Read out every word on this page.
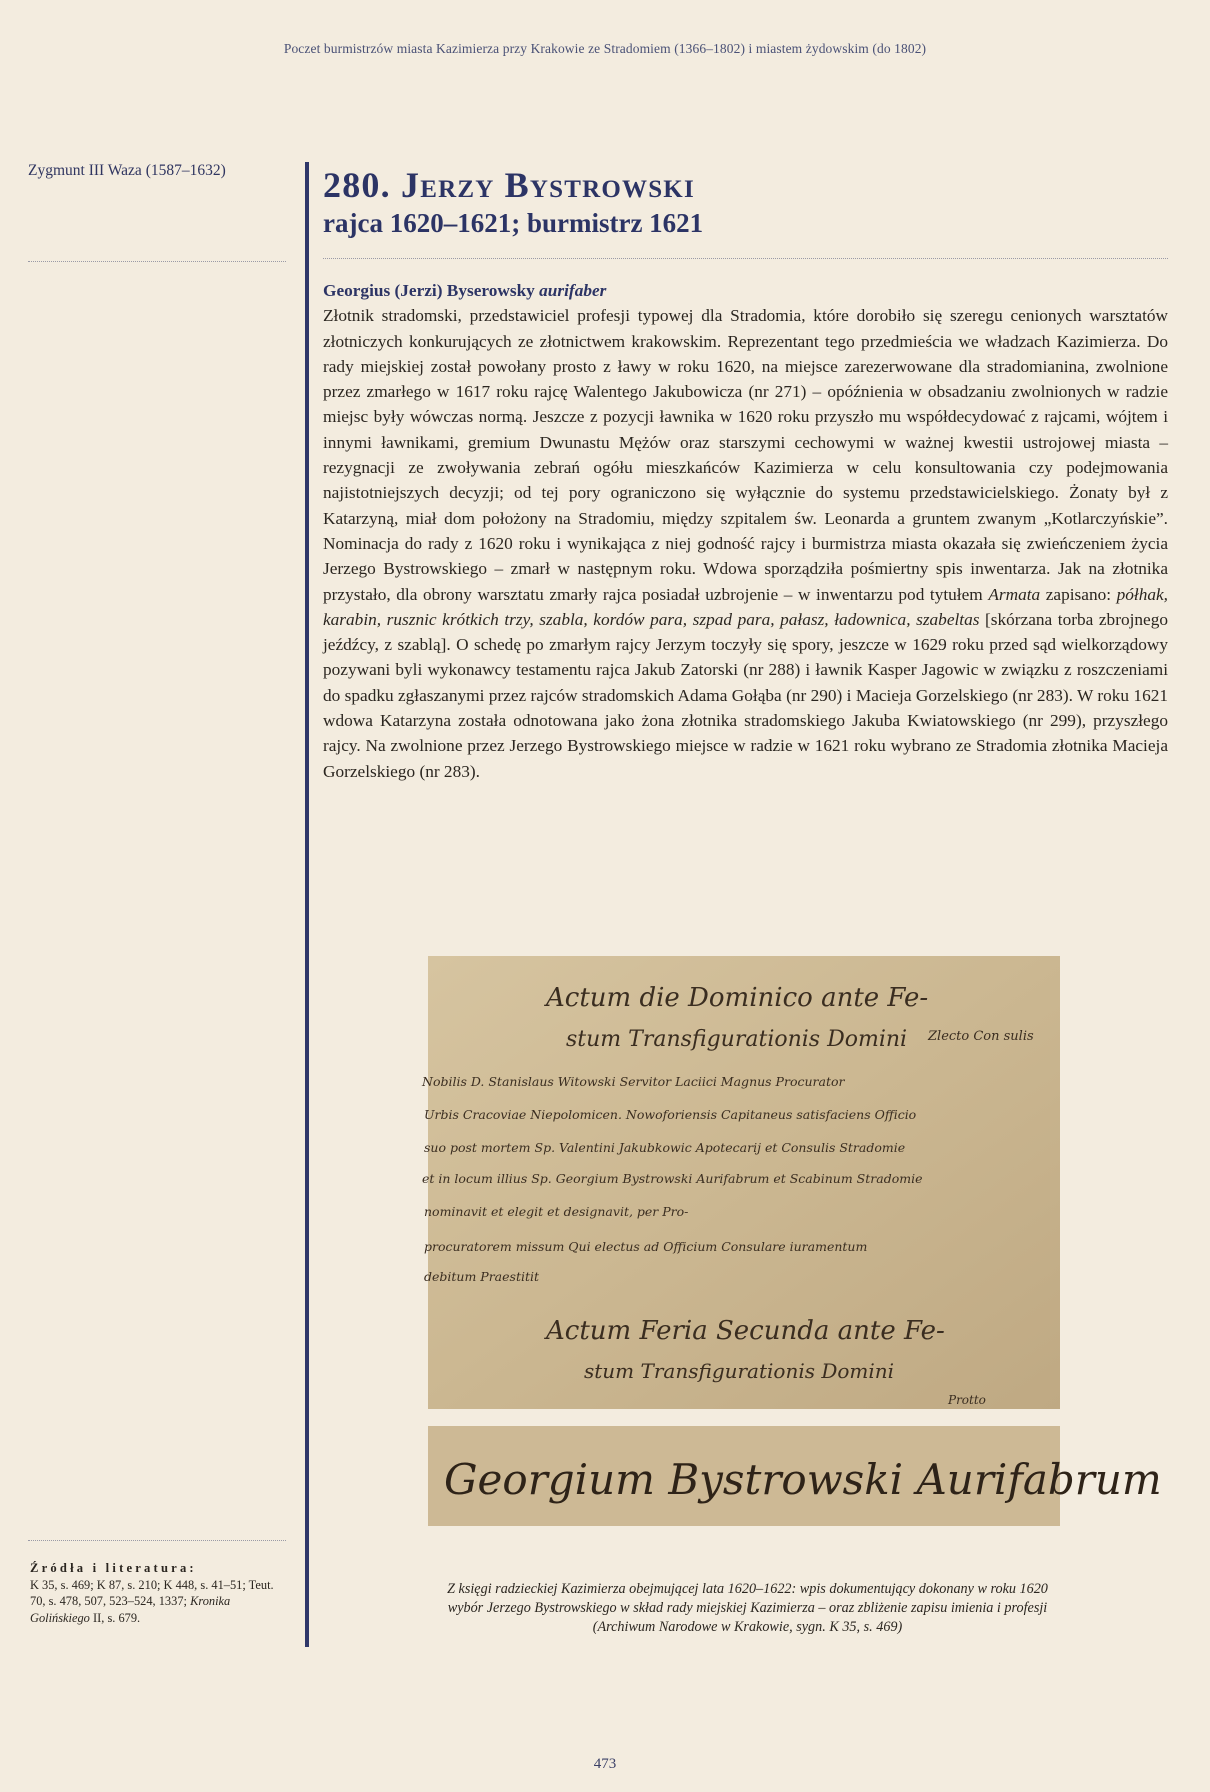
Poczet burmistrzów miasta Kazimierza przy Krakowie ze Stradomiem (1366–1802) i miastem żydowskim (do 1802)
Zygmunt III Waza (1587–1632)	280. Jerzy Bystrowski
rajca 1620–1621; burmistrz 1621
Georgius (Jerzi) Byserowsky aurifaber

Złotnik stradomski, przedstawiciel profesji typowej dla Stradomia, które dorobiło się szeregu cenionych warsztatów złotniczych konkurujących ze złotnictwem krakowskim. Reprezentant tego przedmieścia we władzach Kazimierza. Do rady miejskiej został powołany prosto z ławy w roku 1620, na miejsce zarezerwowane dla stradomianina, zwolnione przez zmarłego w 1617 roku rajcę Walentego Jakubowicza (nr 271) – opóźnienia w obsadzaniu zwolnionych w radzie miejsc były wówczas normą. Jeszcze z pozycji ławnika w 1620 roku przyszło mu współdecydować z rajcami, wójtem i innymi ławnikami, gremium Dwunastu Mężów oraz starszymi cechowymi w ważnej kwestii ustrojowej miasta – rezygnacji ze zwoływania zebrań ogółu mieszkańców Kazimierza w celu konsultowania czy podejmowania najistotniejszych decyzji; od tej pory ograniczono się wyłącznie do systemu przedstawicielskiego. Żonaty był z Katarzyną, miał dom położony na Stradomiu, między szpitalem św. Leonarda a gruntem zwanym „Kotlarczyńskie”. Nominacja do rady z 1620 roku i wynikająca z niej godność rajcy i burmistrza miasta okazała się zwieńczeniem życia Jerzego Bystrowskiego – zmarł w następnym roku. Wdowa sporządziła pośmiertny spis inwentarza. Jak na złotnika przystało, dla obrony warsztatu zmarły rajca posiadał uzbrojenie – w inwentarzu pod tytułem Armata zapisano: półhak, karabin, rusznic krótkich trzy, szabla, kordów para, szpad para, pałasz, ładownica, szabeltas [skórzana torba zbrojnego jeźdźcy, z szablą]. O schedę po zmarłym rajcy Jerzym toczyły się spory, jeszcze w 1629 roku przed sąd wielkorządowy pozywani byli wykonawcy testamentu rajca Jakub Zatorski (nr 288) i ławnik Kasper Jagowic w związku z roszczeniami do spadku zgłaszanymi przez rajców stradomskich Adama Gołąba (nr 290) i Macieja Gorzelskiego (nr 283). W roku 1621 wdowa Katarzyna została odnotowana jako żona złotnika stradomskiego Jakuba Kwiatowskiego (nr 299), przyszłego rajcy. Na zwolnione przez Jerzego Bystrowskiego miejsce w radzie w 1621 roku wybrano ze Stradomia złotnika Macieja Gorzelskiego (nr 283).

Actum die Dominico ante Fe-
stum Transfigurationis Domini Zlecto Con sulis
Nobilis D. Stanislaus Witowski Servitor Laciici Magnus Procurator
Urbis Cracoviae Niepolomicen. Nowoforiensis Capitaneus satisfaciens Officio
suo post mortem Sp. Valentini Jakubkowic Apotecarij et Consulis Stradomie
et in locum illius Sp. Georgium Bystrowski Aurifabrum et Scabinum Stradomie
nominavit et elegit et designavit, per Pro-
procuratorem missum Qui electus ad Officium Consulare iuramentum
debitum Praestitit
Actum Feria Secunda ante Fe-
stum Transfigurationis Domini
Protto
Georgium Bystrowski Aurifabrum
Z księgi radzieckiej Kazimierza obejmującej lata 1620–1622: wpis dokumentujący dokonany w roku 1620
wybór Jerzego Bystrowskiego w skład rady miejskiej Kazimierza – oraz zbliżenie zapisu imienia i profesji
(Archiwum Narodowe w Krakowie, sygn. K 35, s. 469)
Źródła i literatura:
K 35, s. 469; K 87, s. 210; K 448, s. 41–51; Teut. 70, s. 478, 507, 523–524, 1337; Kronika Golińskiego II, s. 679.
473
